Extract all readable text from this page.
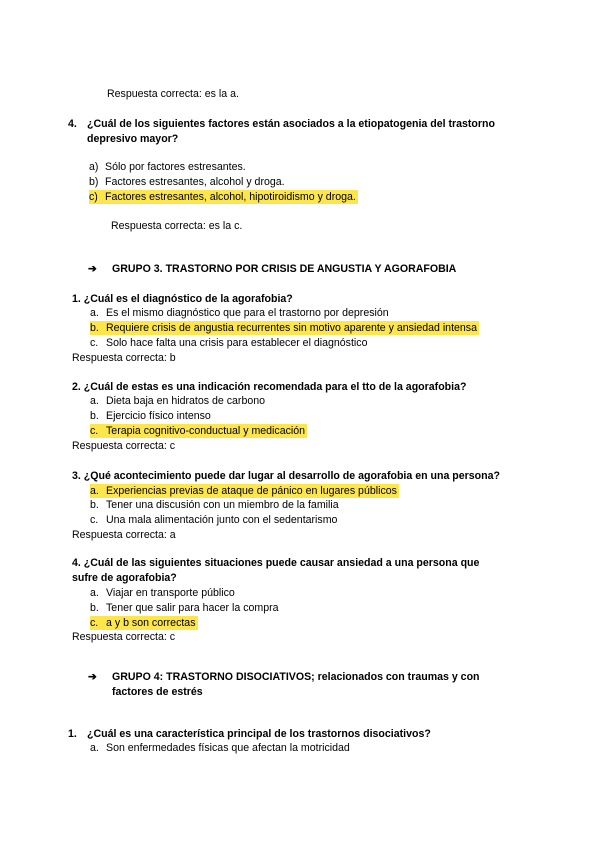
Respuesta correcta: es la a.
4. ¿Cuál de los siguientes factores están asociados a la etiopatogenia del trastorno
depresivo mayor?
a) Sólo por factores estresantes.
b) Factores estresantes, alcohol y droga.
c) Factores estresantes, alcohol, hipotiroidismo y droga.
Respuesta correcta: es la c.
➔ GRUPO 3. TRASTORNO POR CRISIS DE ANGUSTIA Y AGORAFOBIA
1. ¿Cuál es el diagnóstico de la agorafobia?
a. Es el mismo diagnóstico que para el trastorno por depresión
b. Requiere crisis de angustia recurrentes sin motivo aparente y ansiedad intensa
c. Solo hace falta una crisis para establecer el diagnóstico
Respuesta correcta: b
2. ¿Cuál de estas es una indicación recomendada para el tto de la agorafobia?
a. Dieta baja en hidratos de carbono
b. Ejercicio físico intenso
c. Terapia cognitivo-conductual y medicación
Respuesta correcta: c
3. ¿Qué acontecimiento puede dar lugar al desarrollo de agorafobia en una persona?
a. Experiencias previas de ataque de pánico en lugares públicos
b. Tener una discusión con un miembro de la familia
c. Una mala alimentación junto con el sedentarismo
Respuesta correcta: a
4. ¿Cuál de las siguientes situaciones puede causar ansiedad a una persona que
sufre de agorafobia?
a. Viajar en transporte público
b. Tener que salir para hacer la compra
c. a y b son correctas
Respuesta correcta: c
➔ GRUPO 4: TRASTORNO DISOCIATIVOS; relacionados con traumas y con
factores de estrés
1. ¿Cuál es una característica principal de los trastornos disociativos?
a. Son enfermedades físicas que afectan la motricidad
